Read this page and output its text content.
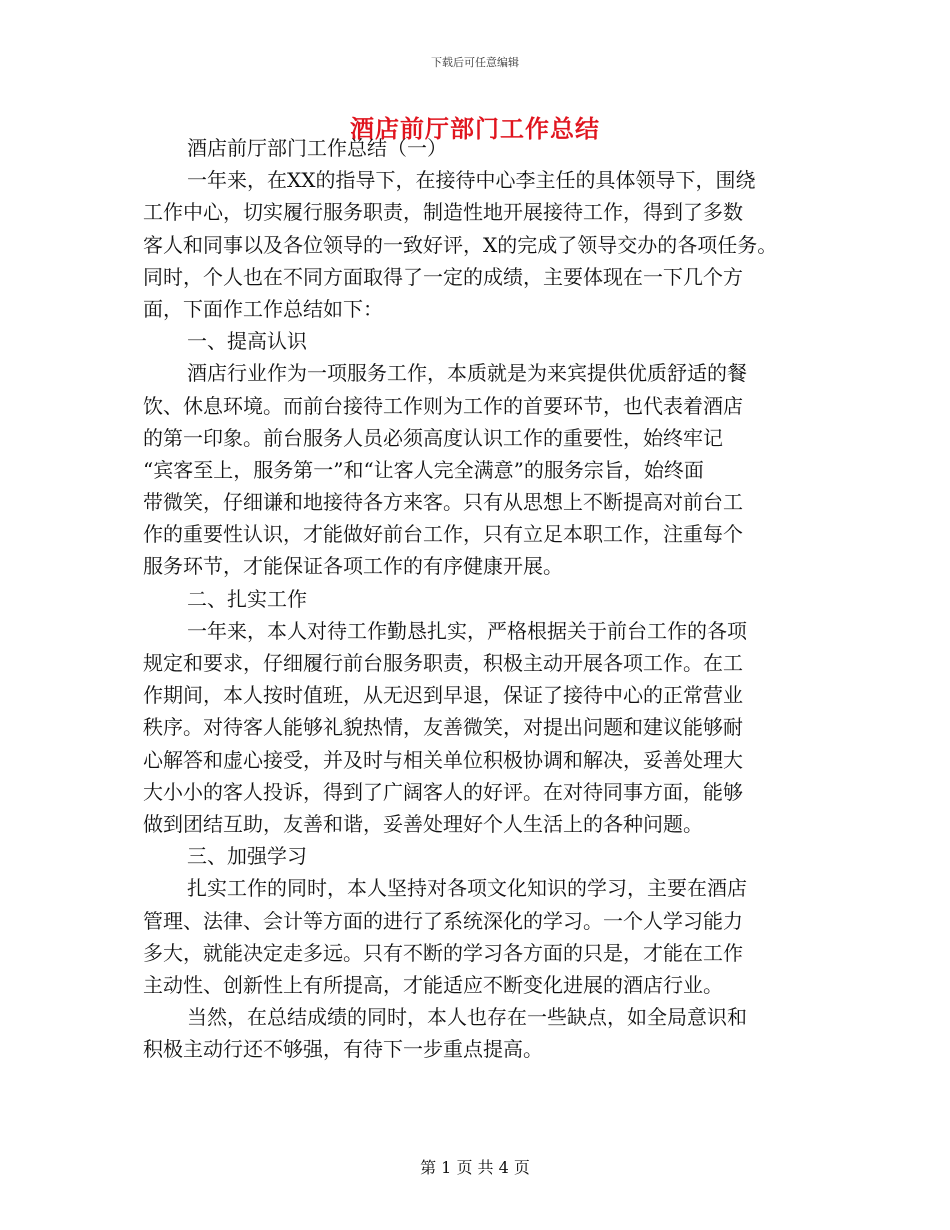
下载后可任意编辑
酒店前厅部门工作总结
酒店前厅部门工作总结（一）
一年来，在XX的指导下，在接待中心李主任的具体领导下，围绕
工作中心，切实履行服务职责，制造性地开展接待工作，得到了多数
客人和同事以及各位领导的一致好评，X的完成了领导交办的各项任务。
同时，个人也在不同方面取得了一定的成绩，主要体现在一下几个方
面，下面作工作总结如下：
一、提高认识
酒店行业作为一项服务工作，本质就是为来宾提供优质舒适的餐
饮、休息环境。而前台接待工作则为工作的首要环节，也代表着酒店
的第一印象。前台服务人员必须高度认识工作的重要性，始终牢记
“宾客至上，服务第一”和“让客人完全满意”的服务宗旨，始终面
带微笑，仔细谦和地接待各方来客。只有从思想上不断提高对前台工
作的重要性认识，才能做好前台工作，只有立足本职工作，注重每个
服务环节，才能保证各项工作的有序健康开展。
二、扎实工作
一年来，本人对待工作勤恳扎实，严格根据关于前台工作的各项
规定和要求，仔细履行前台服务职责，积极主动开展各项工作。在工
作期间，本人按时值班，从无迟到早退，保证了接待中心的正常营业
秩序。对待客人能够礼貌热情，友善微笑，对提出问题和建议能够耐
心解答和虚心接受，并及时与相关单位积极协调和解决，妥善处理大
大小小的客人投诉，得到了广阔客人的好评。在对待同事方面，能够
做到团结互助，友善和谐，妥善处理好个人生活上的各种问题。
三、加强学习
扎实工作的同时，本人坚持对各项文化知识的学习，主要在酒店
管理、法律、会计等方面的进行了系统深化的学习。一个人学习能力
多大，就能决定走多远。只有不断的学习各方面的只是，才能在工作
主动性、创新性上有所提高，才能适应不断变化进展的酒店行业。
当然，在总结成绩的同时，本人也存在一些缺点，如全局意识和
积极主动行还不够强，有待下一步重点提高。
第 1 页 共 4 页
